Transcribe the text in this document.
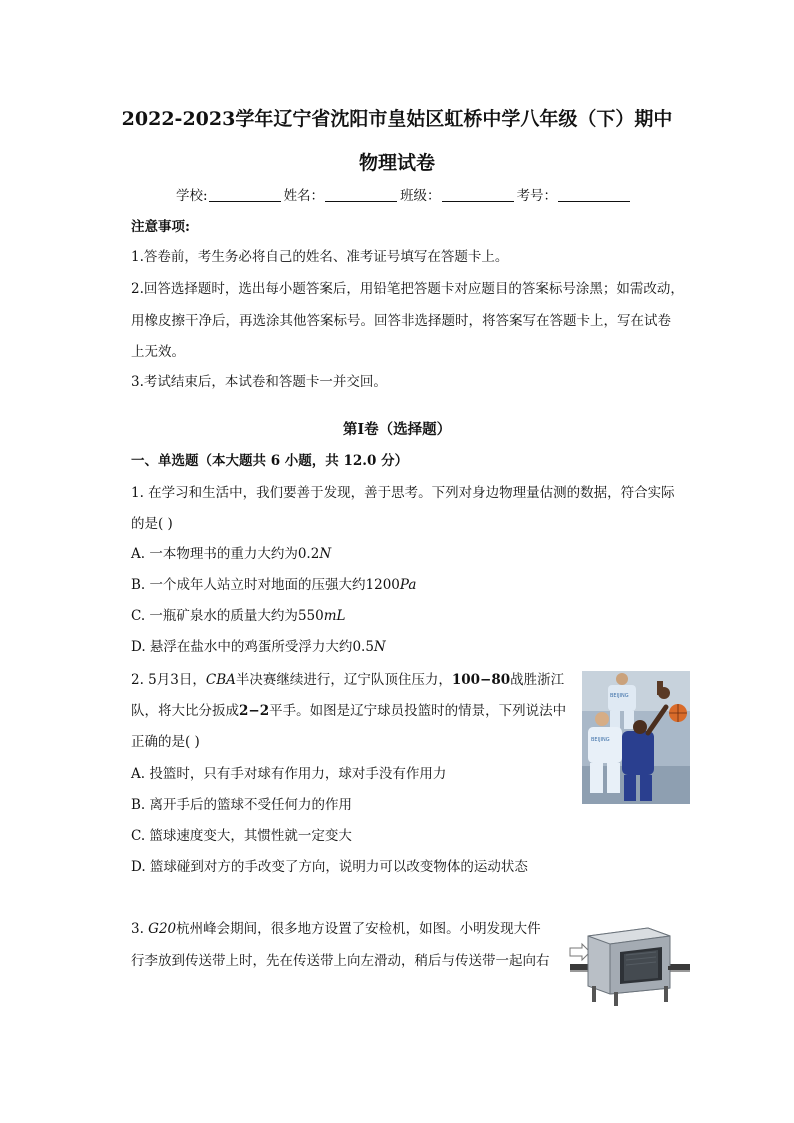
2022-2023学年辽宁省沈阳市皇姑区虹桥中学八年级（下）期中
物理试卷
学校:	姓名：	班级：	考号：
注意事项:
1.答卷前，考生务必将自己的姓名、准考证号填写在答题卡上。
2.回答选择题时，选出每小题答案后，用铅笔把答题卡对应题目的答案标号涂黑；如需改动，
用橡皮擦干净后，再选涂其他答案标号。回答非选择题时，将答案写在答题卡上，写在试卷
上无效。
3.考试结束后，本试卷和答题卡一并交回。
第I卷（选择题）
一、单选题（本大题共 6 小题，共 12.0 分）
1. 在学习和生活中，我们要善于发现，善于思考。下列对身边物理量估测的数据，符合实际
的是( )
A. 一本物理书的重力大约为0.2N
B. 一个成年人站立时对地面的压强大约1200Pa
C. 一瓶矿泉水的质量大约为550mL
D. 悬浮在盐水中的鸡蛋所受浮力大约0.5N
2. 5月3日，CBA半决赛继续进行，辽宁队顶住压力，100−80战胜浙江
队，将大比分扳成2−2平手。如图是辽宁球员投篮时的情景，下列说法中
正确的是( )
A. 投篮时，只有手对球有作用力，球对手没有作用力
B. 离开手后的篮球不受任何力的作用
C. 篮球速度变大，其惯性就一定变大
D. 篮球碰到对方的手改变了方向，说明力可以改变物体的运动状态
BEIJING
BEIJING
3. G20杭州峰会期间，很多地方设置了安检机，如图。小明发现大件
行李放到传送带上时，先在传送带上向左滑动，稍后与传送带一起向右
